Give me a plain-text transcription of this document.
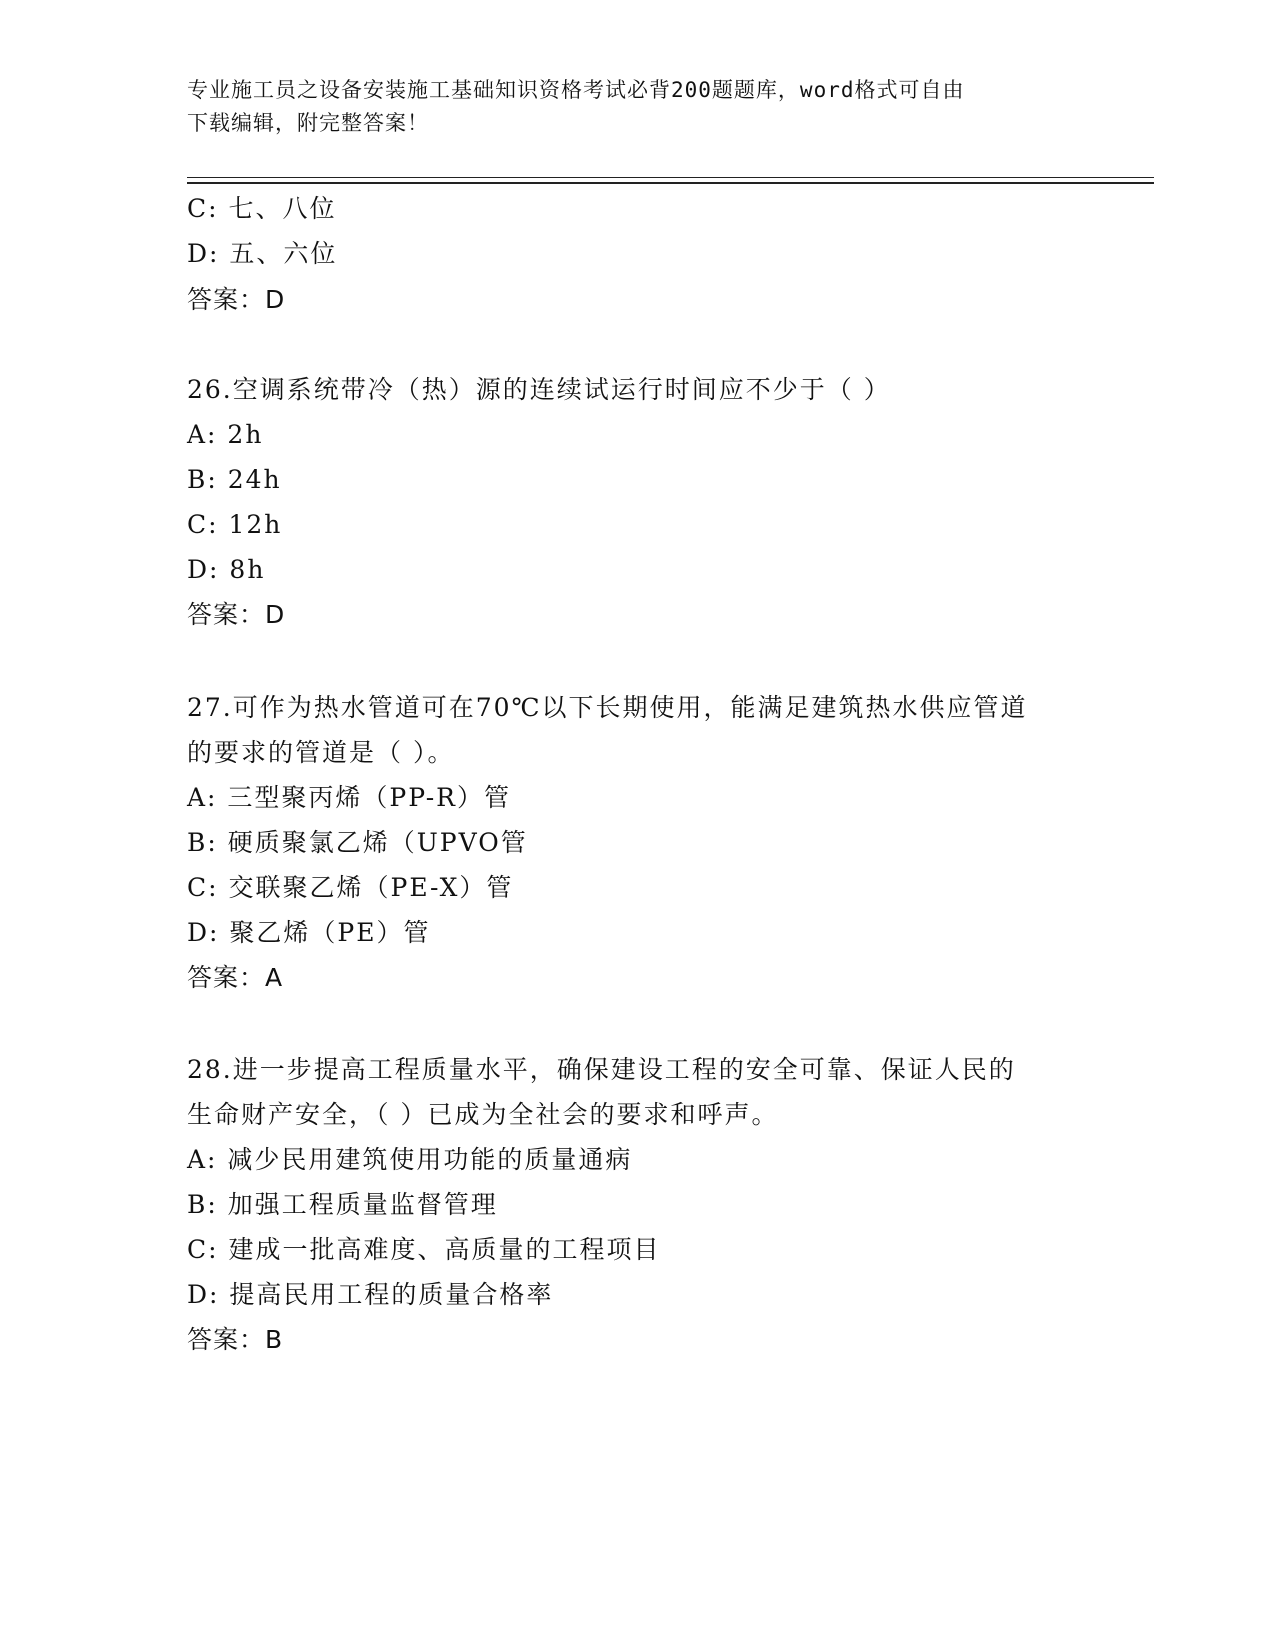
专业施工员之设备安装施工基础知识资格考试必背200题题库，word格式可自由
下载编辑，附完整答案！
C: 七、八位
D: 五、六位
答案：D
26.空调系统带冷（热）源的连续试运行时间应不少于（ ）
A: 2h
B: 24h
C: 12h
D: 8h
答案：D
27.可作为热水管道可在70℃以下长期使用，能满足建筑热水供应管道
的要求的管道是（ ）。
A: 三型聚丙烯（PP-R）管
B: 硬质聚氯乙烯（UPVO管
C: 交联聚乙烯（PE-X）管
D: 聚乙烯（PE）管
答案：A
28.进一步提高工程质量水平，确保建设工程的安全可靠、保证人民的
生命财产安全，（ ）已成为全社会的要求和呼声。
A: 减少民用建筑使用功能的质量通病
B: 加强工程质量监督管理
C: 建成一批高难度、高质量的工程项目
D: 提高民用工程的质量合格率
答案：B
